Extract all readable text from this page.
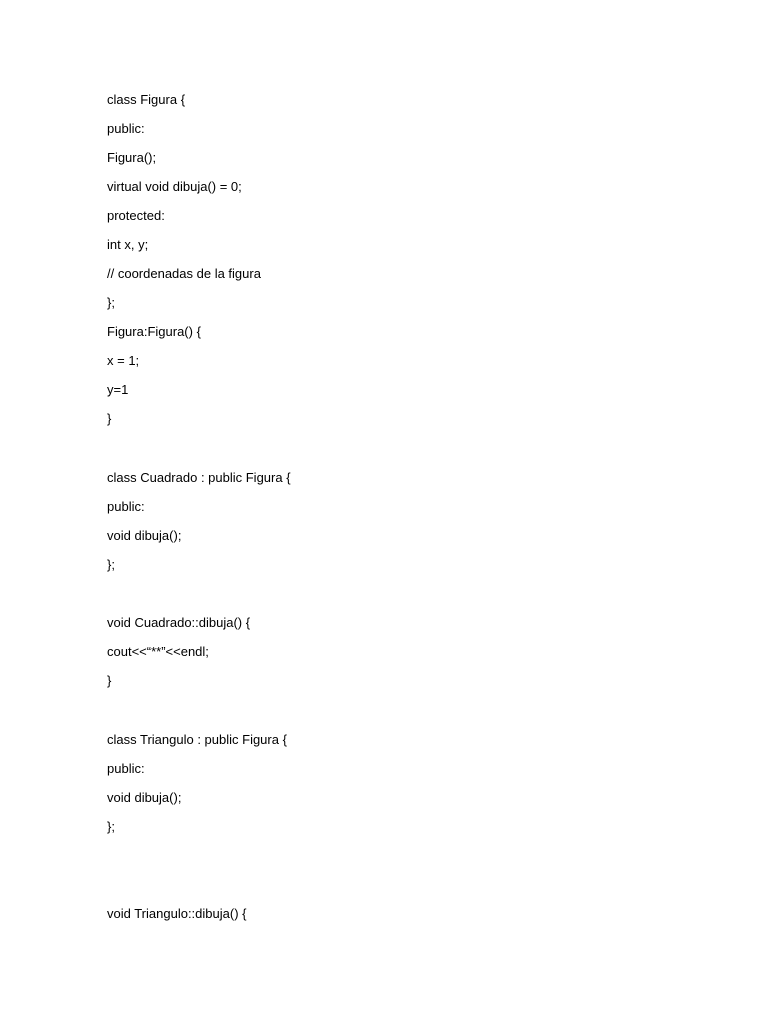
class Figura {
public:
Figura();
virtual void dibuja() = 0;
protected:
int x, y;
// coordenadas de la figura
};
Figura:Figura() {
x = 1;
y=1
}
class Cuadrado : public Figura {
public:
void dibuja();
};
void Cuadrado::dibuja() {
cout<<“**”<<endl;
}
class Triangulo : public Figura {
public:
void dibuja();
};
void Triangulo::dibuja() {
